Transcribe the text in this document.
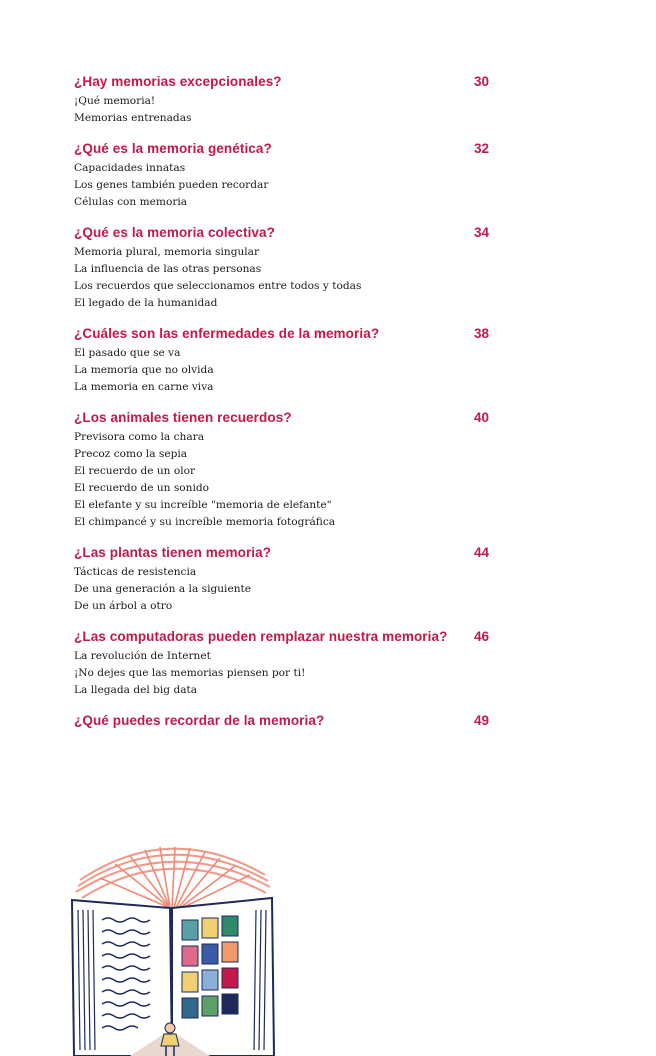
¿Hay memorias excepcionales?	30
¡Qué memoria!
Memorias entrenadas
¿Qué es la memoria genética?	32
Capacidades innatas
Los genes también pueden recordar
Células con memoria
¿Qué es la memoria colectiva?	34
Memoria plural, memoria singular
La influencia de las otras personas
Los recuerdos que seleccionamos entre todos y todas
El legado de la humanidad
¿Cuáles son las enfermedades de la memoria?	38
El pasado que se va
La memoria que no olvida
La memoria en carne viva
¿Los animales tienen recuerdos?	40
Previsora como la chara
Precoz como la sepia
El recuerdo de un olor
El recuerdo de un sonido
El elefante y su increíble "memoria de elefante"
El chimpancé y su increíble memoria fotográfica
¿Las plantas tienen memoria?	44
Tácticas de resistencia
De una generación a la siguiente
De un árbol a otro
¿Las computadoras pueden remplazar nuestra memoria? 46
La revolución de Internet
¡No dejes que las memorias piensen por ti!
La llegada del big data
¿Qué puedes recordar de la memoria?	49
